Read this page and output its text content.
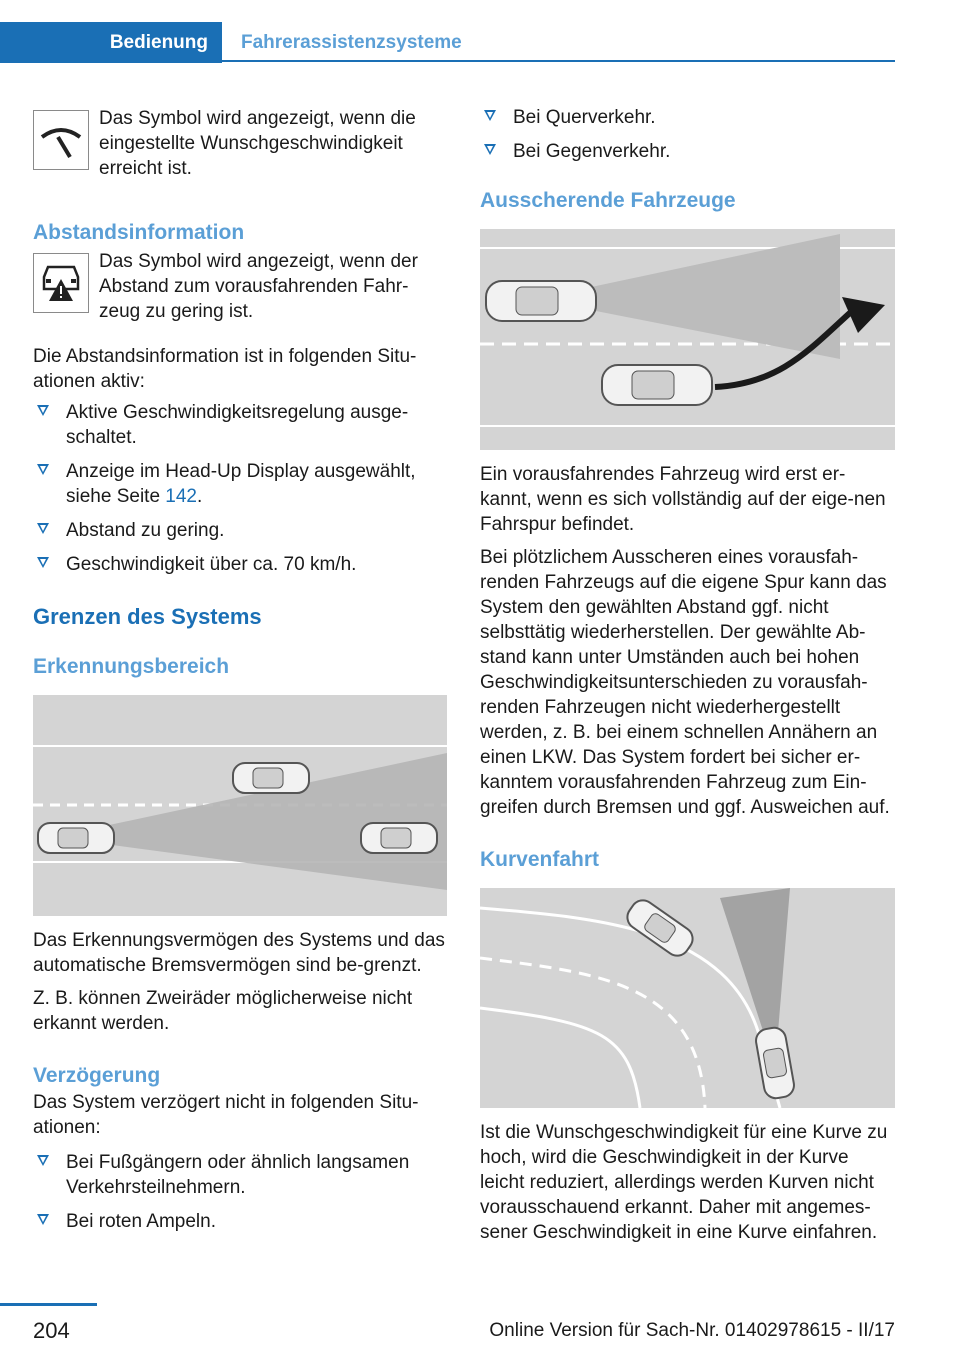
Bedienung	Fahrerassistenzsysteme

Das Symbol wird angezeigt, wenn die eingestellte Wunschgeschwindigkeit erreicht ist.

Abstandsinformation

Das Symbol wird angezeigt, wenn der Abstand zum vorausfahrenden Fahr-zeug zu gering ist.

Die Abstandsinformation ist in folgenden Situ-ationen aktiv:

Aktive Geschwindigkeitsregelung ausge-schaltet.
Anzeige im Head-Up Display ausgewählt, siehe Seite 142.
Abstand zu gering.
Geschwindigkeit über ca. 70 km/h.
Grenzen des Systems
Erkennungsbereich

Das Erkennungsvermögen des Systems und das automatische Bremsvermögen sind be-grenzt.

Z. B. können Zweiräder möglicherweise nicht erkannt werden.

Verzögerung

Das System verzögert nicht in folgenden Situ-ationen:

Bei Fußgängern oder ähnlich langsamen Verkehrsteilnehmern.
Bei roten Ampeln.
Bei Querverkehr.
Bei Gegenverkehr.
Ausscherende Fahrzeuge

Ein vorausfahrendes Fahrzeug wird erst er-kannt, wenn es sich vollständig auf der eige-nen Fahrspur befindet.

Bei plötzlichem Ausscheren eines vorausfah-renden Fahrzeugs auf die eigene Spur kann das System den gewählten Abstand ggf. nicht selbsttätig wiederherstellen. Der gewählte Ab-stand kann unter Umständen auch bei hohen Geschwindigkeitsunterschieden zu vorausfah-renden Fahrzeugen nicht wiederhergestellt werden, z. B. bei einem schnellen Annähern an einen LKW. Das System fordert bei sicher er-kanntem vorausfahrenden Fahrzeug zum Ein-greifen durch Bremsen und ggf. Ausweichen auf.

Kurvenfahrt

Ist die Wunschgeschwindigkeit für eine Kurve zu hoch, wird die Geschwindigkeit in der Kurve leicht reduziert, allerdings werden Kurven nicht vorausschauend erkannt. Daher mit angemes-sener Geschwindigkeit in eine Kurve einfahren.

204	Online Version für Sach-Nr. 01402978615 - II/17
